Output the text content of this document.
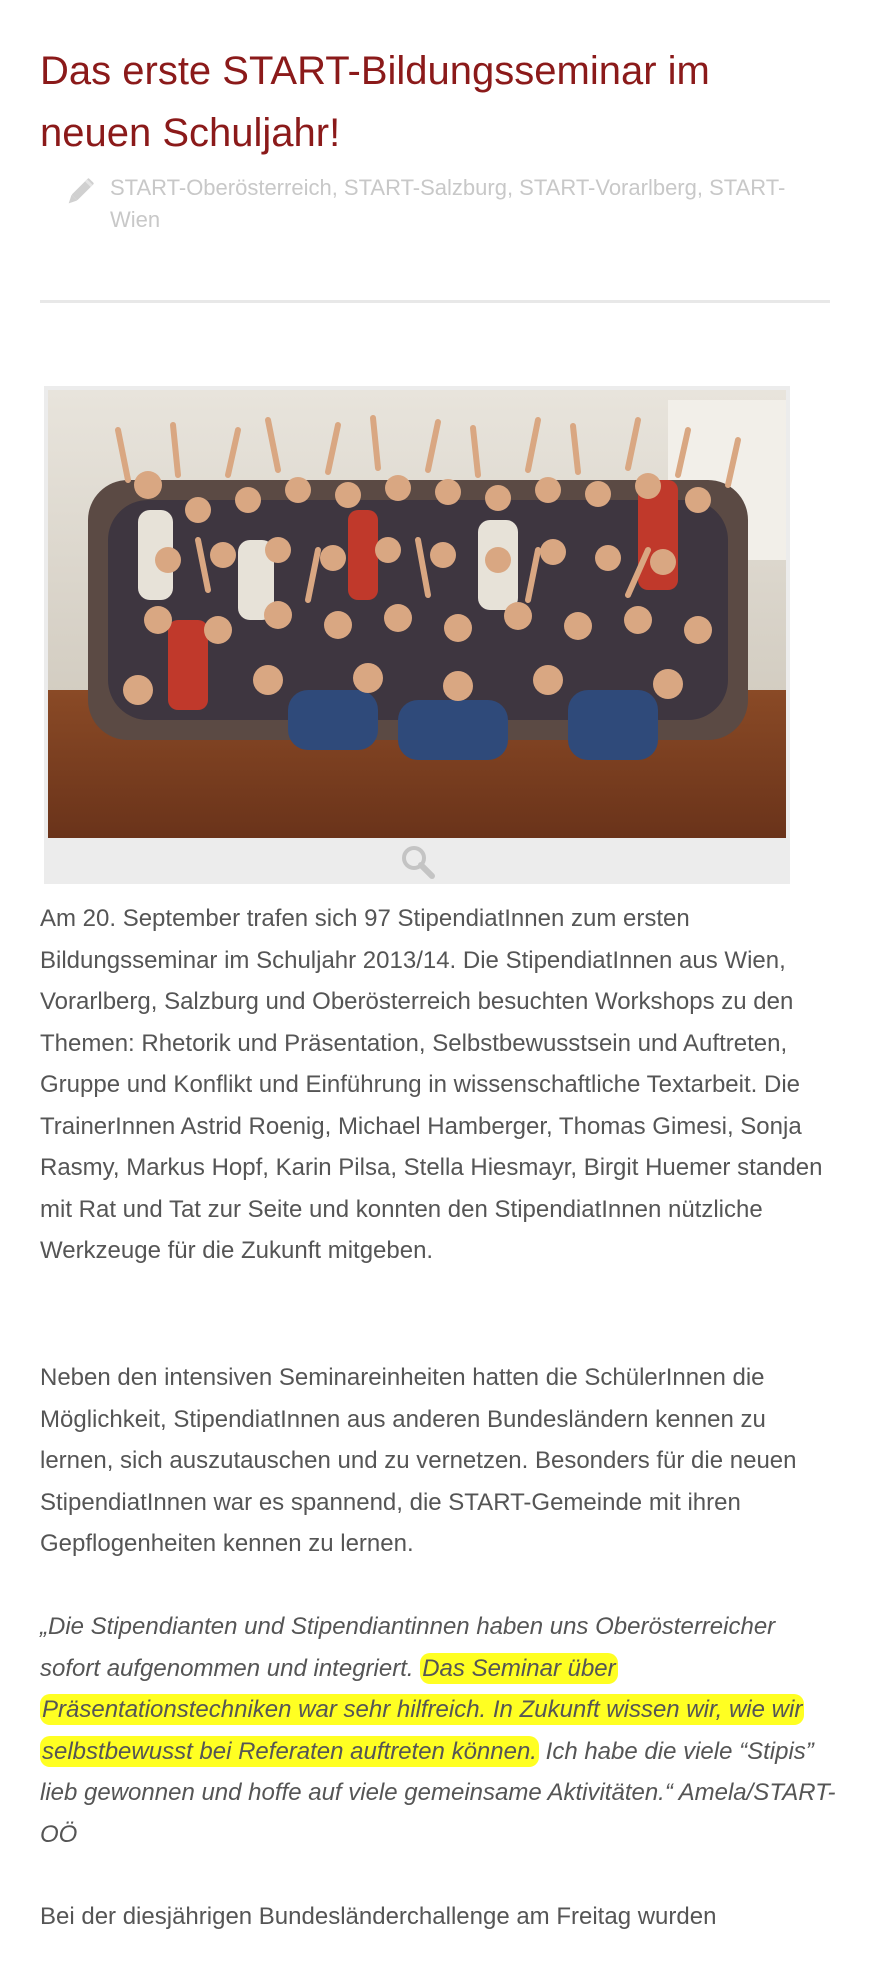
Das erste START-Bildungsseminar im neuen Schuljahr!
START-Oberösterreich, START-Salzburg, START-Vorarlberg, START-Wien

Am 20. September trafen sich 97 StipendiatInnen zum ersten Bildungsseminar im Schuljahr 2013/14. Die StipendiatInnen aus Wien, Vorarlberg, Salzburg und Oberösterreich besuchten Workshops zu den Themen: Rhetorik und Präsentation, Selbstbewusstsein und Auftreten, Gruppe und Konflikt und Einführung in wissenschaftliche Textarbeit. Die TrainerInnen Astrid Roenig, Michael Hamberger, Thomas Gimesi, Sonja Rasmy, Markus Hopf, Karin Pilsa, Stella Hiesmayr, Birgit Huemer standen mit Rat und Tat zur Seite und konnten den StipendiatInnen nützliche Werkzeuge für die Zukunft mitgeben.

Neben den intensiven Seminareinheiten hatten die SchülerInnen die Möglichkeit, StipendiatInnen aus anderen Bundesländern kennen zu lernen, sich auszutauschen und zu vernetzen. Besonders für die neuen StipendiatInnen war es spannend, die START-Gemeinde mit ihren Gepflogenheiten kennen zu lernen.

„Die Stipendianten und Stipendiantinnen haben uns Oberösterreicher sofort aufgenommen und integriert. Das Seminar über Präsentationstechniken war sehr hilfreich. In Zukunft wissen wir, wie wir selbstbewusst bei Referaten auftreten können. Ich habe die viele “Stipis” lieb gewonnen und hoffe auf viele gemeinsame Aktivitäten.“ Amela/START-OÖ

Bei der diesjährigen Bundesländerchallenge am Freitag wurden
